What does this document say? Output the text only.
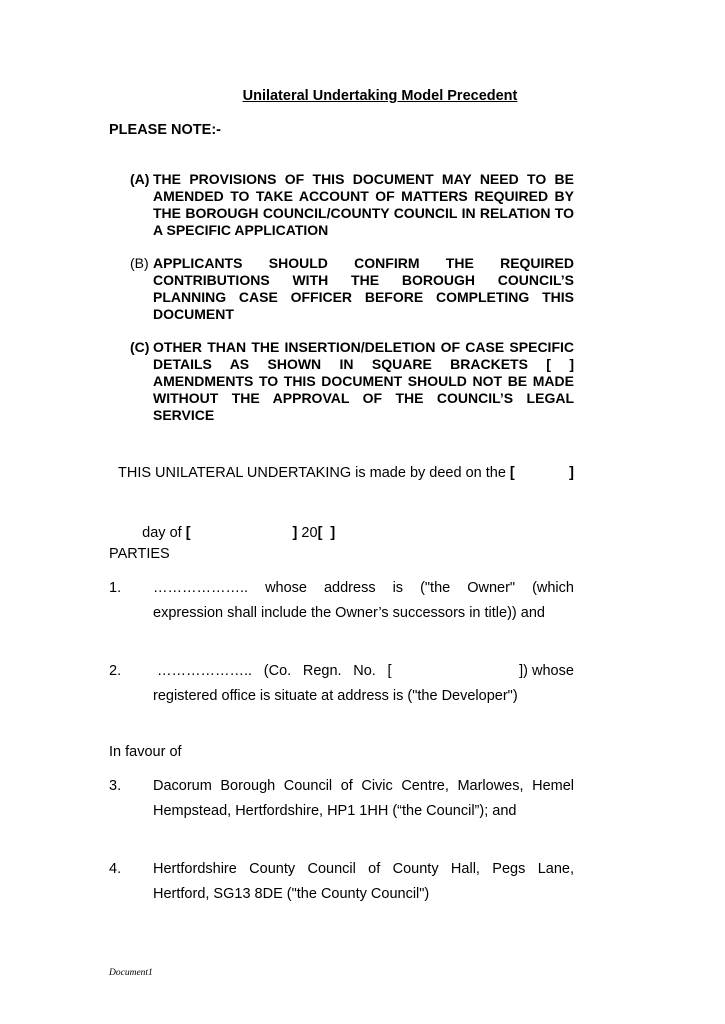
Unilateral Undertaking Model Precedent
PLEASE NOTE:-
(A) THE PROVISIONS OF THIS DOCUMENT MAY NEED TO BE AMENDED TO TAKE ACCOUNT OF MATTERS REQUIRED BY THE BOROUGH COUNCIL/COUNTY COUNCIL IN RELATION TO A SPECIFIC APPLICATION
(B) APPLICANTS SHOULD CONFIRM THE REQUIRED CONTRIBUTIONS WITH THE BOROUGH COUNCIL’S PLANNING CASE OFFICER BEFORE COMPLETING THIS DOCUMENT
(C) OTHER THAN THE INSERTION/DELETION OF CASE SPECIFIC DETAILS AS SHOWN IN SQUARE BRACKETS [ ] AMENDMENTS TO THIS DOCUMENT SHOULD NOT BE MADE WITHOUT THE APPROVAL OF THE COUNCIL’S LEGAL SERVICE
THIS UNILATERAL UNDERTAKING is made by deed on the [	]

day of [	] 20[ ]

PARTIES
1. ……………….. whose address is ("the Owner" (which
expression shall include the Owner’s successors in title)) and
2. ……………….. (Co. Regn. No. [	]) whose
registered office is situate at address is ("the Developer")
In favour of
3. Dacorum Borough Council of Civic Centre, Marlowes, Hemel Hempstead, Hertfordshire, HP1 1HH (“the Council”); and
4. Hertfordshire County Council of County Hall, Pegs Lane, Hertford, SG13 8DE ("the County Council")
Document1
